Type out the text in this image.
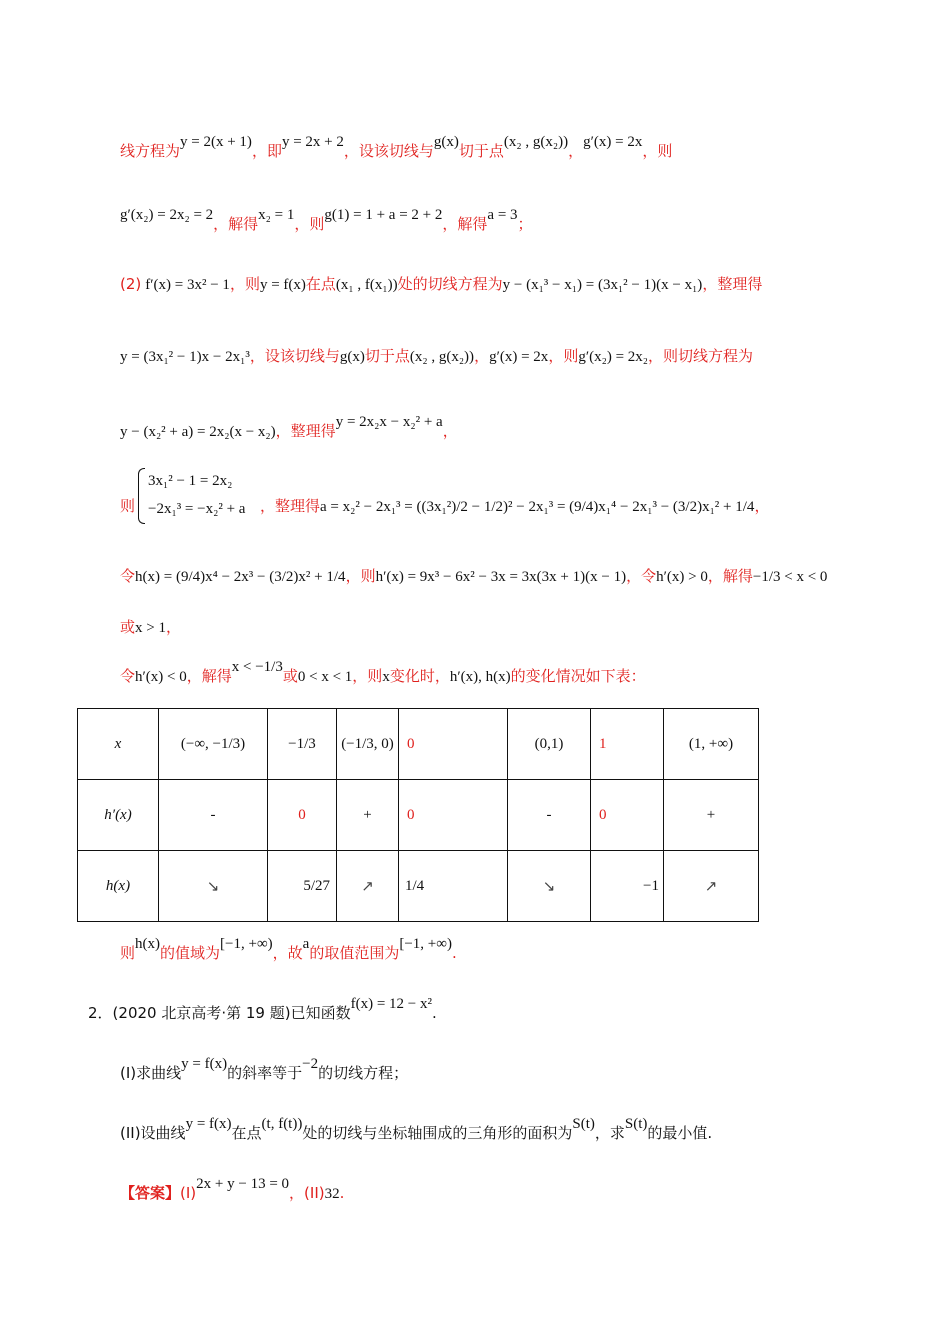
线方程为y = 2(x + 1)，即y = 2x + 2，设该切线与g(x)切于点(x₂ , g(x₂))，g′(x) = 2x，则
g′(x₂) = 2x₂ = 2，解得x₂ = 1，则g(1) = 1 + a = 2 + 2，解得a = 3；
(2) f′(x) = 3x² − 1，则y = f(x)在点(x₁ , f(x₁))处的切线方程为y − (x₁³ − x₁) = (3x₁² − 1)(x − x₁)，整理得
y = (3x₁² − 1)x − 2x₁³，设该切线与g(x)切于点(x₂ , g(x₂))，g′(x) = 2x，则g′(x₂) = 2x₂，则切线方程为
y − (x₂² + a) = 2x₂(x − x₂)，整理得y = 2x₂x − x₂² + a，
则
3x₁² − 1 = 2x₂
−2x₁³ = −x₂² + a ，整理得a = x₂² − 2x₁³ = ((3x₁²)/2 − 1/2)² − 2x₁³ = (9/4)x₁⁴ − 2x₁³ − (3/2)x₁² + 1/4，
令h(x) = (9/4)x⁴ − 2x³ − (3/2)x² + 1/4，则h′(x) = 9x³ − 6x² − 3x = 3x(3x + 1)(x − 1)，令h′(x) > 0，解得−1/3 < x < 0
或x > 1，
令h′(x) < 0，解得x < −1/3或0 < x < 1，则x变化时，h′(x), h(x)的变化情况如下表：
x	(−∞, −1/3)	−1/3	(−1/3, 0)	0	(0,1)	1	(1, +∞)
h′(x)	-	0	+	0	-	0	+
h(x)	↘	5/27	↗	1/4	↘	−1	↗
则h(x)的值域为[−1, +∞)，故a的取值范围为[−1, +∞).
2．(2020 北京高考·第 19 题)已知函数f(x) = 12 − x².
(I)求曲线y = f(x)的斜率等于−2的切线方程；
(II)设曲线y = f(x)在点(t, f(t))处的切线与坐标轴围成的三角形的面积为S(t)，求S(t)的最小值.
【答案】(I)2x + y − 13 = 0，(II)32.
